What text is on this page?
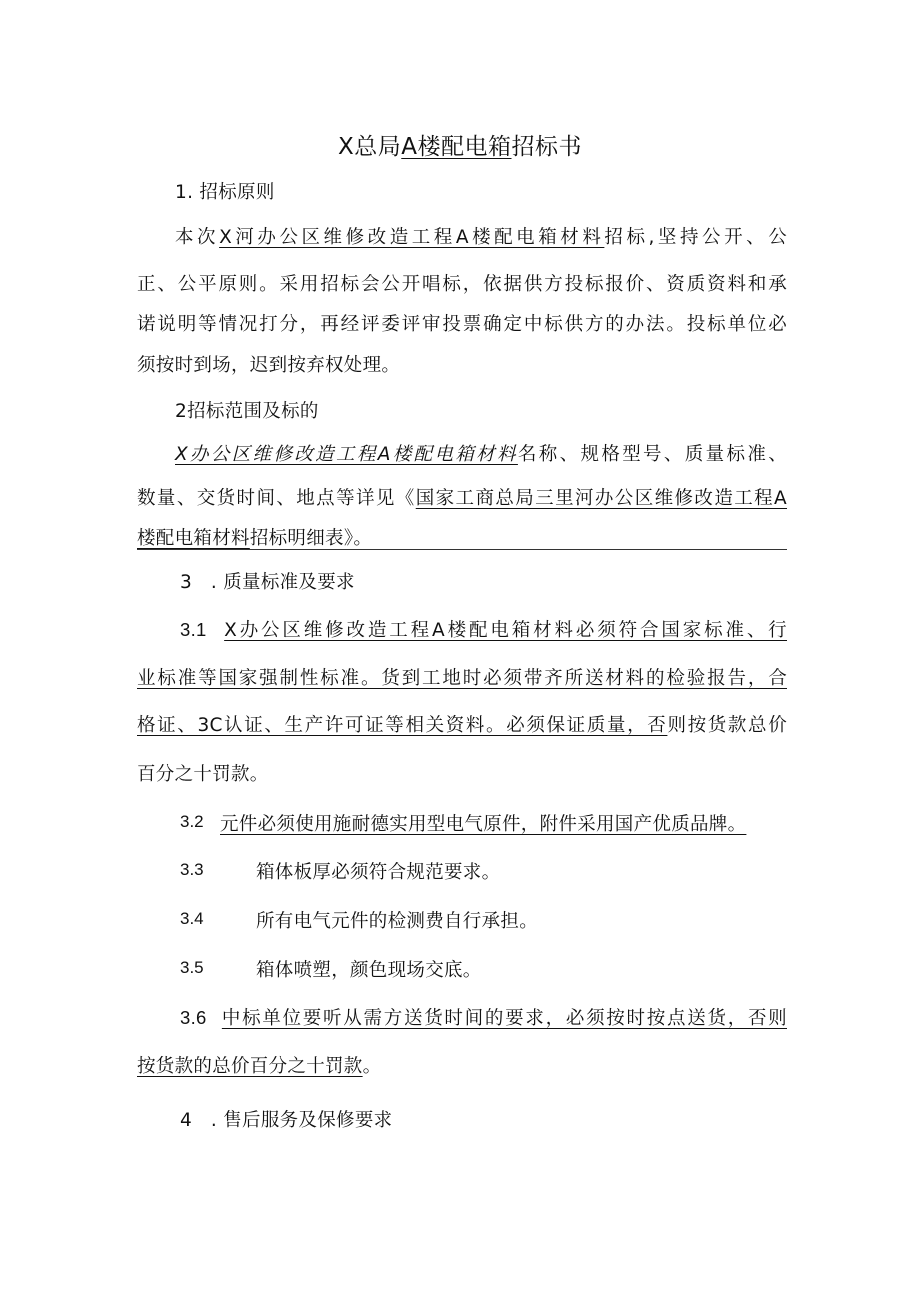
X总局A楼配电箱招标书
1. 招标原则
本次X河办公区维修改造工程A楼配电箱材料招标,坚持公开、公
正、公平原则。采用招标会公开唱标，依据供方投标报价、资质资料和承
诺说明等情况打分，再经评委评审投票确定中标供方的办法。投标单位必
须按时到场，迟到按弃权处理。
2招标范围及标的
X办公区维修改造工程A楼配电箱材料名称、规格型号、质量标准、
数量、交货时间、地点等详见《国家工商总局三里河办公区维修改造工程A
楼配电箱材料招标明细表》。
3　. 质量标准及要求
3.1 X办公区维修改造工程A楼配电箱材料必须符合国家标准、行
业标准等国家强制性标准。货到工地时必须带齐所送材料的检验报告，合
格证、3C认证、生产许可证等相关资料。必须保证质量，否则按货款总价
百分之十罚款。
3.2 元件必须使用施耐德实用型电气原件，附件采用国产优质品牌。
3.3	箱体板厚必须符合规范要求。
3.4	所有电气元件的检测费自行承担。
3.5	箱体喷塑，颜色现场交底。
3.6 中标单位要听从需方送货时间的要求，必须按时按点送货，否则
按货款的总价百分之十罚款。
4　. 售后服务及保修要求
